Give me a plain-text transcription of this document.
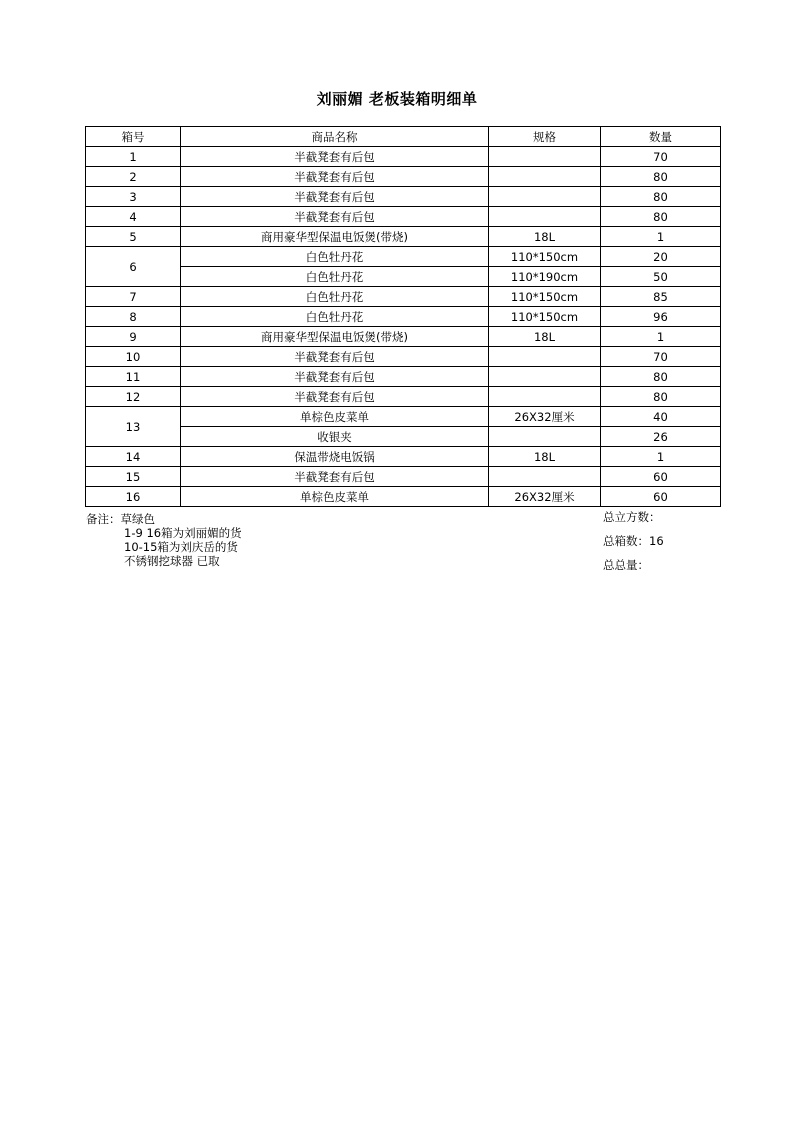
刘丽媚 老板装箱明细单
箱号	商品名称	规格	数量
1	半截凳套有后包		70
2	半截凳套有后包		80
3	半截凳套有后包		80
4	半截凳套有后包		80
5	商用豪华型保温电饭煲(带烧)	18L	1
6	白色牡丹花	110*150cm	20
	白色牡丹花	110*190cm	50
7	白色牡丹花	110*150cm	85
8	白色牡丹花	110*150cm	96
9	商用豪华型保温电饭煲(带烧)	18L	1
10	半截凳套有后包		70
11	半截凳套有后包		80
12	半截凳套有后包		80
13	单棕色皮菜单	26X32厘米	40
	收银夹		26
14	保温带烧电饭锅	18L	1
15	半截凳套有后包		60
16	单棕色皮菜单	26X32厘米	60
备注：草绿色
1-9 16箱为刘丽媚的货
10-15箱为刘庆岳的货
不锈钢挖球器 已取
总立方数：
总箱数：16
总总量：
